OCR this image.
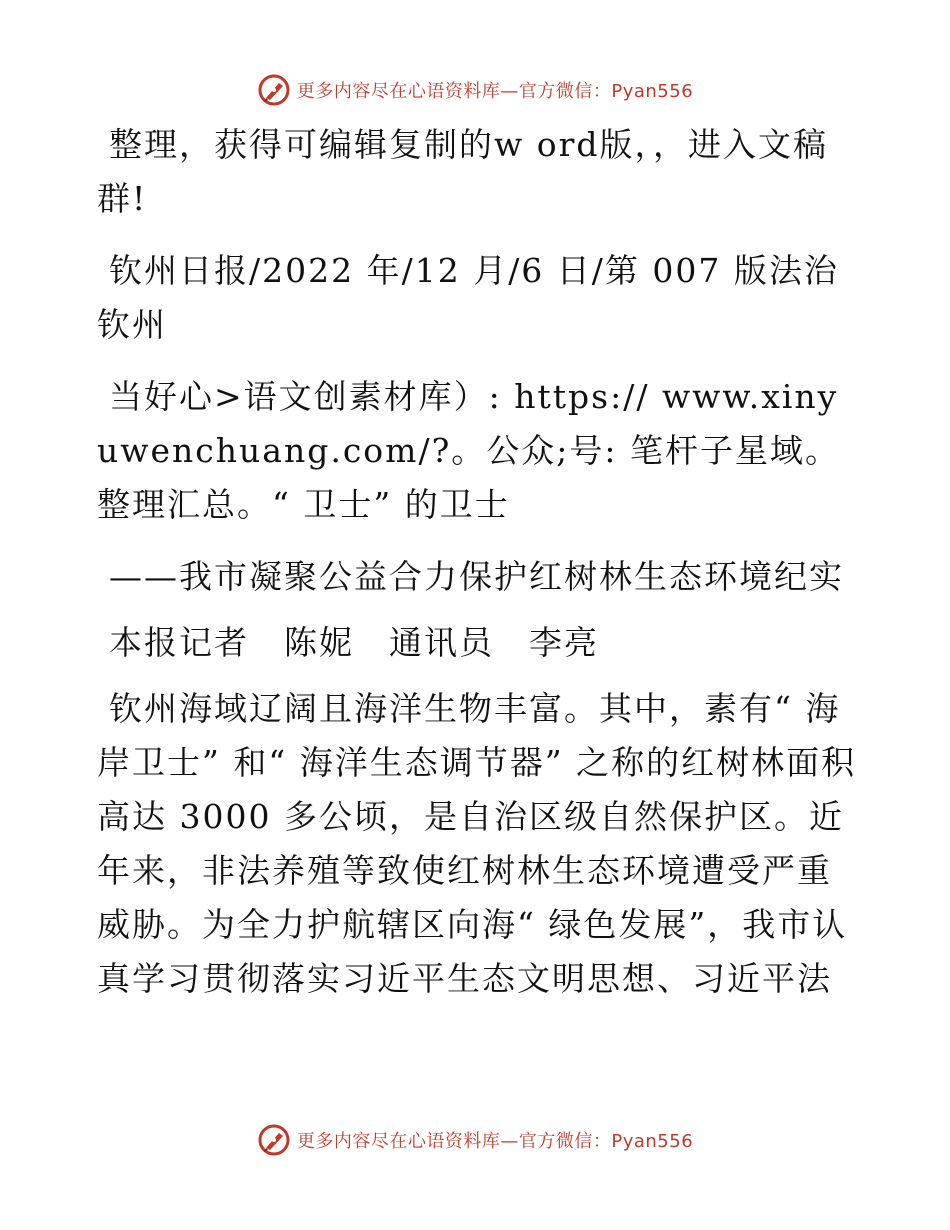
更多内容尽在心语资料库—官方微信：Pyan556

整理，获得可编辑复制的w ord版，，进入文稿群!

钦州日报/2022 年/12 月/6 日/第 007 版法治钦州

当好心>语文创素材库）: https:// www.xinyuwenchuang.com/?。公众;号: 笔杆子星域。整理汇总。“ 卫士” 的卫士

——我市凝聚公益合力保护红树林生态环境纪实

本报记者　陈妮　通讯员　李亮

钦州海域辽阔且海洋生物丰富。其中，素有“ 海岸卫士” 和“ 海洋生态调节器” 之称的红树林面积高达 3000 多公顷，是自治区级自然保护区。近年来，非法养殖等致使红树林生态环境遭受严重威胁。为全力护航辖区向海“ 绿色发展”，我市认真学习贯彻落实习近平生态文明思想、习近平法

更多内容尽在心语资料库—官方微信：Pyan556
